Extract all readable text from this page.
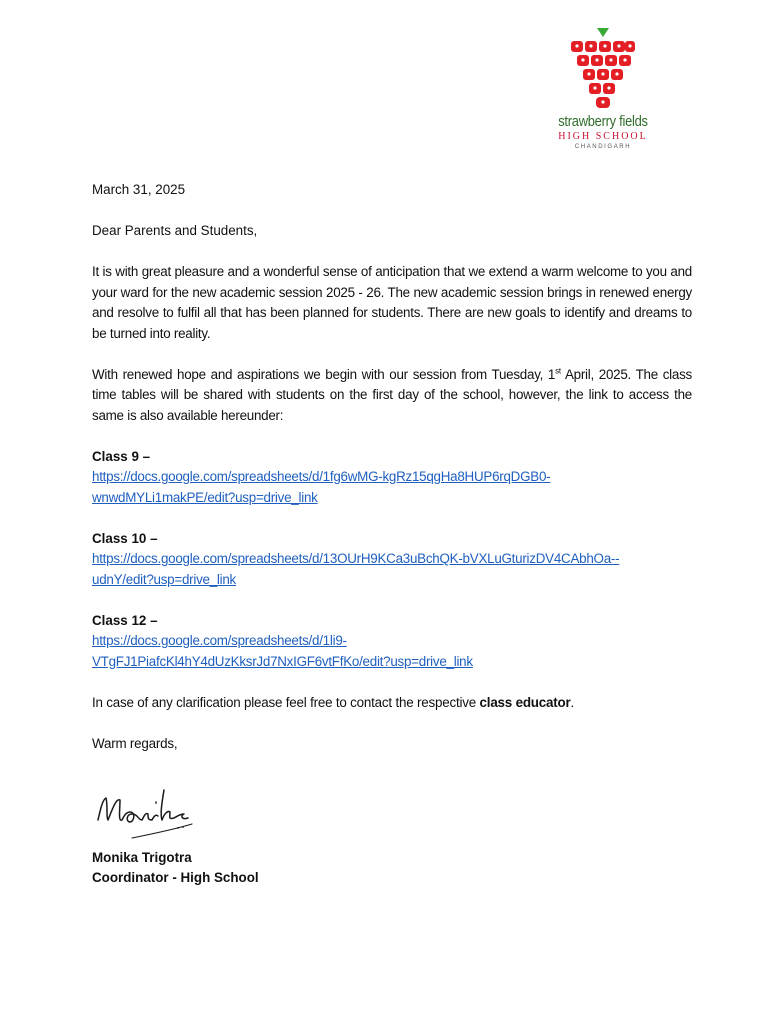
strawberry fields
HIGH SCHOOL
CHANDIGARH

March 31, 2025

Dear Parents and Students,

It is with great pleasure and a wonderful sense of anticipation that we extend a warm welcome to you and your ward for the new academic session 2025 - 26. The new academic session brings in renewed energy and resolve to fulfil all that has been planned for students. There are new goals to identify and dreams to be turned into reality.

With renewed hope and aspirations we begin with our session from Tuesday, 1st April, 2025. The class time tables will be shared with students on the first day of the school, however, the link to access the same is also available hereunder:

Class 9 –

https://docs.google.com/spreadsheets/d/1fg6wMG-kgRz15qgHa8HUP6rqDGB0-
wnwdMYLi1makPE/edit?usp=drive_link

Class 10 –

https://docs.google.com/spreadsheets/d/13OUrH9KCa3uBchQK-bVXLuGturizDV4CAbhOa--
udnY/edit?usp=drive_link

Class 12 –

https://docs.google.com/spreadsheets/d/1li9-
VTgFJ1PiafcKl4hY4dUzKksrJd7NxIGF6vtFfKo/edit?usp=drive_link

In case of any clarification please feel free to contact the respective class educator.

Warm regards,

Monika Trigotra
Coordinator - High School
